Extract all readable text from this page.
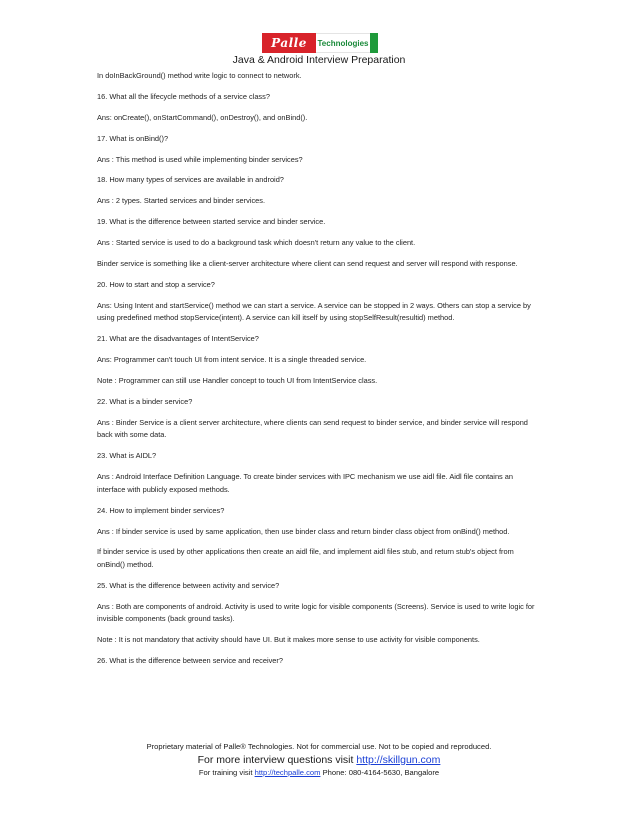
Palle	Technologies
Java & Android Interview Preparation

In doInBackGround() method write logic to connect to network.

16. What all the lifecycle methods of a service class?

Ans: onCreate(), onStartCommand(), onDestroy(), and onBind().

17. What is onBind()?

Ans : This method is used while implementing binder services?

18. How many types of services are available in android?

Ans : 2 types. Started services and binder services.

19. What is the difference between started service and binder service.

Ans : Started service is used to do a background task which doesn't return any value to the client.

Binder service is something like a client-server architecture where client can send request and server will respond with response.

20. How to start and stop a service?

Ans: Using Intent and startService() method we can start a service. A service can be stopped in 2 ways. Others can stop a service by using predefined method stopService(intent). A service can kill itself by using stopSelfResult(resultid) method.

21. What are the disadvantages of IntentService?

Ans: Programmer can't touch UI from intent service. It is a single threaded service.

Note : Programmer can still use Handler concept to touch UI from IntentService class.

22. What is a binder service?

Ans : Binder Service is a client server architecture, where clients can send request to binder service, and binder service will respond back with some data.

23. What is AIDL?

Ans : Android Interface Definition Language. To create binder services with IPC mechanism we use aidl file. Aidl file contains an interface with publicly exposed methods.

24. How to implement binder services?

Ans : If binder service is used by same application, then use binder class and return binder class object from onBind() method.

If binder service is used by other applications then create an aidl file, and implement aidl files stub, and return stub's object from onBind() method.

25. What is the difference between activity and service?

Ans : Both are components of android. Activity is used to write logic for visible components (Screens). Service is used to write logic for invisible components (back ground tasks).

Note : It is not mandatory that activity should have UI. But it makes more sense to use activity for visible components.

26. What is the difference between service and receiver?

Proprietary material of Palle® Technologies. Not for commercial use. Not to be copied and reproduced.
For more interview questions visit http://skillgun.com
For training visit http://techpalle.com Phone: 080-4164-5630, Bangalore
